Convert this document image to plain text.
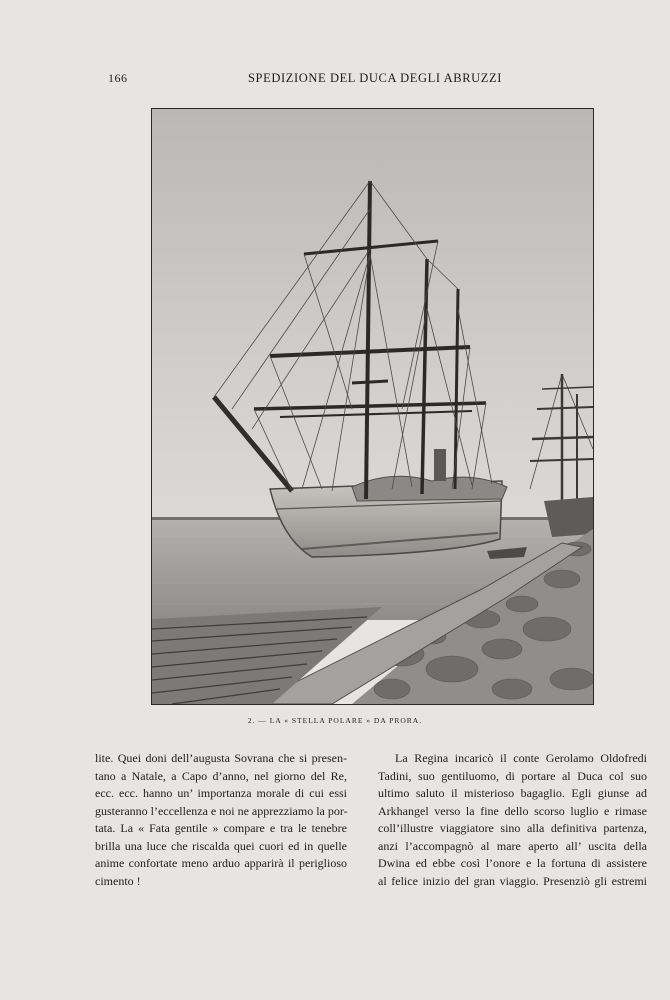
166	SPEDIZIONE DEL DUCA DEGLI ABRUZZI
2. — LA « STELLA POLARE » DA PRORA.
lite. Quei doni dell’augusta Sovrana che si presen-
tano a Natale, a Capo d’anno, nel giorno del Re,
ecc. ecc. hanno un’ importanza morale di cui essi
gusteranno l’eccellenza e noi ne apprezziamo la por-
tata. La « Fata gentile » compare e tra le tenebre
brilla una luce che riscalda quei cuori ed in quelle
anime confortate meno arduo apparirà il periglioso
cimento !
La Regina incaricò il conte Gerolamo Oldofredi
Tadini, suo gentiluomo, di portare al Duca col suo
ultimo saluto il misterioso bagaglio. Egli giunse ad
Arkhangel verso la fine dello scorso luglio e rimase
coll’illustre viaggiatore sino alla definitiva partenza,
anzi l’accompagnò al mare aperto all’ uscita della
Dwina ed ebbe così l’onore e la fortuna di assistere
al felice inizio del gran viaggio. Presenziò gli estremi
